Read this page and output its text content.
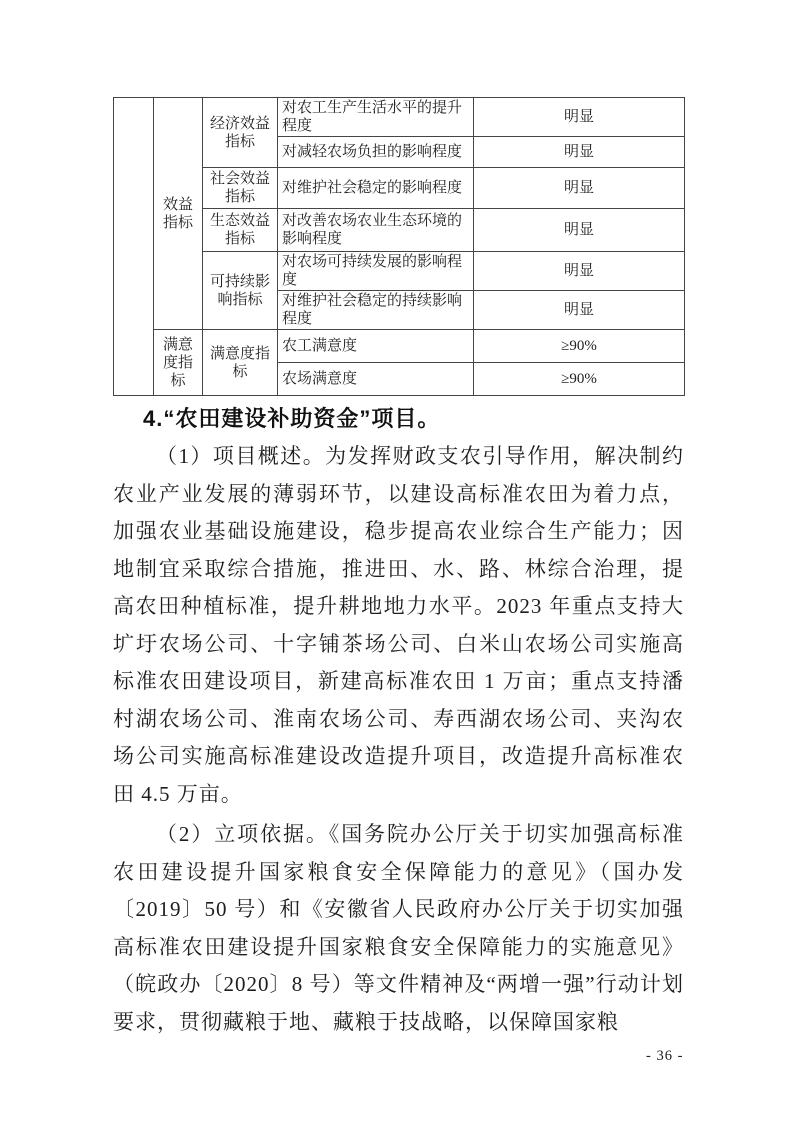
	效益指标	经济效益指标	对农工生产生活水平的提升程度	明显
			对减轻农场负担的影响程度	明显
		社会效益指标	对维护社会稳定的影响程度	明显
		生态效益指标	对改善农场农业生态环境的影响程度	明显
		可持续影响指标	对农场可持续发展的影响程度	明显
			对维护社会稳定的持续影响程度	明显
	满意度指标	满意度指标	农工满意度	≥90%
			农场满意度	≥90%
4.“农田建设补助资金”项目。

（1）项目概述。为发挥财政支农引导作用，解决制约农业产业发展的薄弱环节，以建设高标准农田为着力点，加强农业基础设施建设，稳步提高农业综合生产能力；因地制宜采取综合措施，推进田、水、路、林综合治理，提高农田种植标准，提升耕地地力水平。2023 年重点支持大圹圩农场公司、十字铺茶场公司、白米山农场公司实施高标准农田建设项目，新建高标准农田 1 万亩；重点支持潘村湖农场公司、淮南农场公司、寿西湖农场公司、夹沟农场公司实施高标准建设改造提升项目，改造提升高标准农田 4.5 万亩。

（2）立项依据。《国务院办公厅关于切实加强高标准农田建设提升国家粮食安全保障能力的意见》（国办发〔2019〕50 号）和《安徽省人民政府办公厅关于切实加强高标准农田建设提升国家粮食安全保障能力的实施意见》（皖政办〔2020〕8 号）等文件精神及“两增一强”行动计划要求，贯彻藏粮于地、藏粮于技战略，以保障国家粮

- 36 -
